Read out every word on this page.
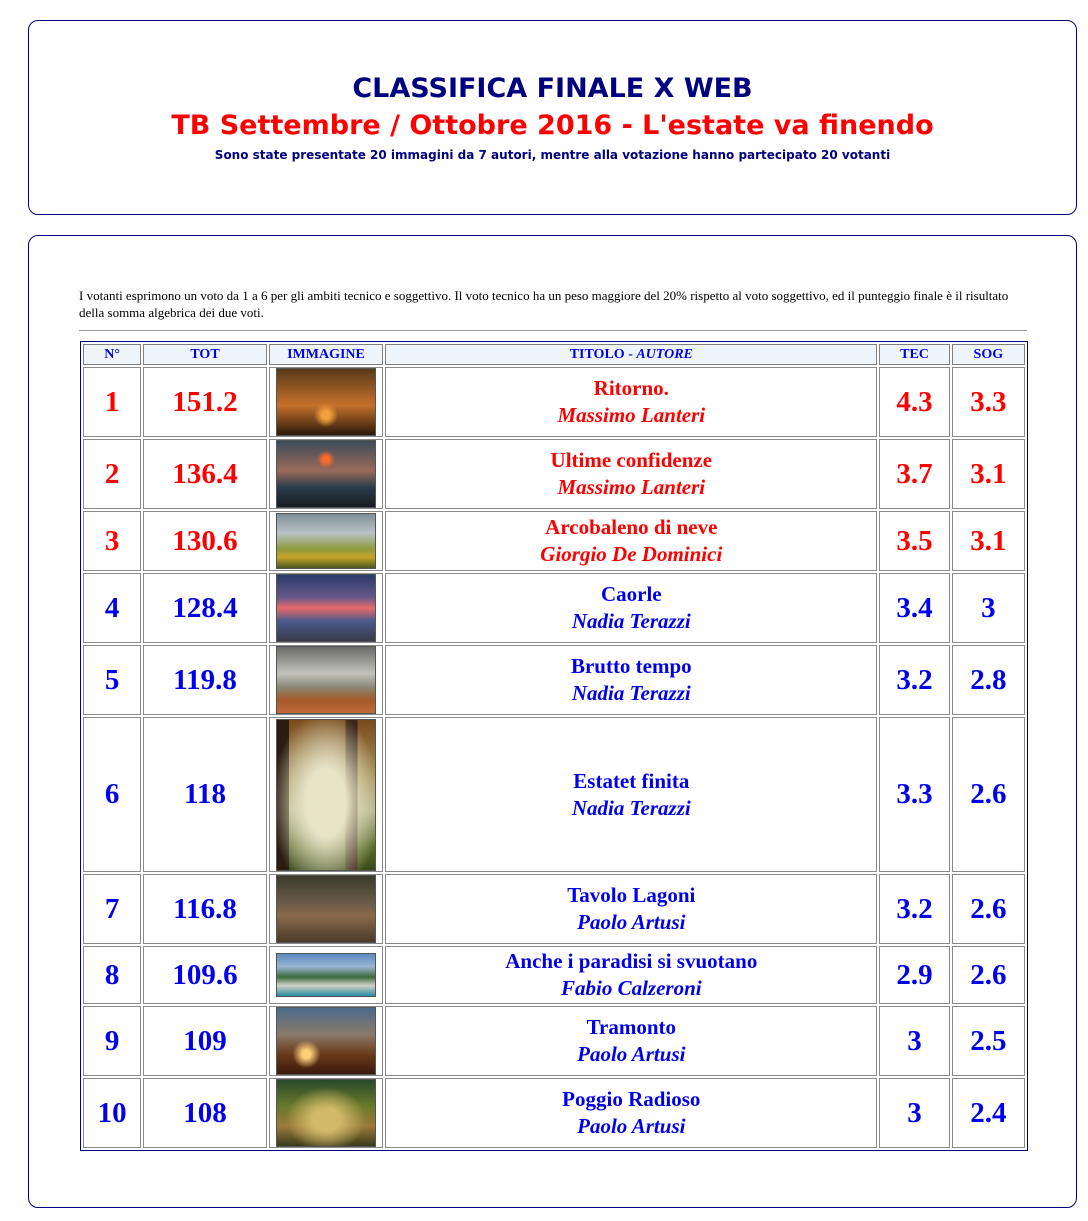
CLASSIFICA FINALE X WEB
TB Settembre / Ottobre 2016 - L'estate va finendo
Sono state presentate 20 immagini da 7 autori, mentre alla votazione hanno partecipato 20 votanti

I votanti esprimono un voto da 1 a 6 per gli ambiti tecnico e soggettivo. Il voto tecnico ha un peso maggiore del 20% rispetto al voto soggettivo, ed il punteggio finale è il risultato della somma algebrica dei due voti.

N°	TOT	IMMAGINE	TITOLO - AUTORE	TEC	SOG
1	151.2		Ritorno.
Massimo Lanteri	4.3	3.3
2	136.4		Ultime confidenze
Massimo Lanteri	3.7	3.1
3	130.6		Arcobaleno di neve
Giorgio De Dominici	3.5	3.1
4	128.4		Caorle
Nadia Terazzi	3.4	3
5	119.8		Brutto tempo
Nadia Terazzi	3.2	2.8
6	118		Estatet finita
Nadia Terazzi	3.3	2.6
7	116.8		Tavolo Lagoni
Paolo Artusi	3.2	2.6
8	109.6		Anche i paradisi si svuotano
Fabio Calzeroni	2.9	2.6
9	109		Tramonto
Paolo Artusi	3	2.5
10	108		Poggio Radioso
Paolo Artusi	3	2.4
